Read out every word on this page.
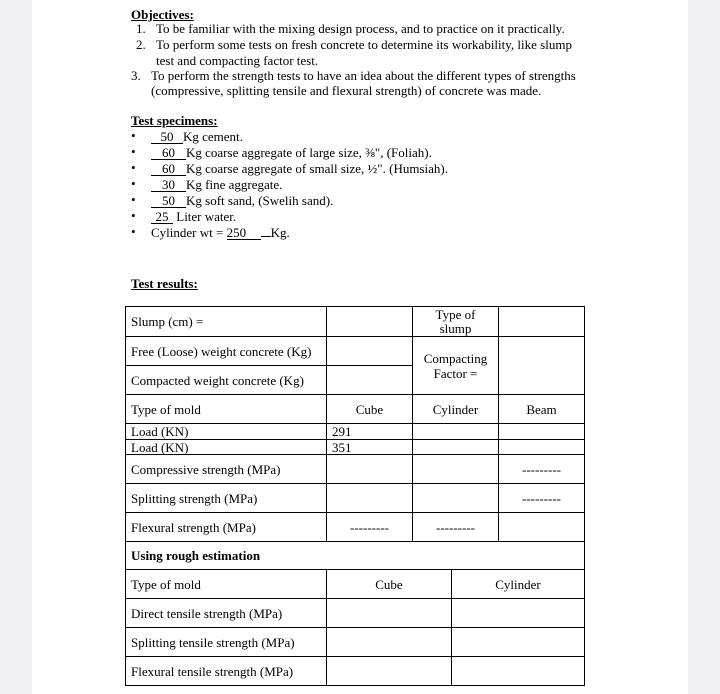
Objectives:
1. To be familiar with the mixing design process, and to practice on it practically.
2. To perform some tests on fresh concrete to determine its workability, like slump
test and compacting factor test.
3. To perform the strength tests to have an idea about the different types of strengths
(compressive, splitting tensile and flexural strength) of concrete was made.
Test specimens:
•	50 Kg cement.
•	60 Kg coarse aggregate of large size, ⅜", (Foliah).
•	60 Kg coarse aggregate of small size, ½". (Humsiah).
•	30 Kg fine aggregate.
•	50 Kg soft sand, (Swelih sand).
•	25 Liter water.
• Cylinder wt = 250 Kg.
Test results:
Slump (cm) =		Type of
slump	

Free (Loose) weight concrete (Kg)		Compacting
Factor =	

Compacted weight concrete (Kg)			
Type of mold	Cube	Cylinder	Beam
Load (KN)	291		
Load (KN)	351		
Compressive strength (MPa)			---------
Splitting strength (MPa)			---------
Flexural strength (MPa)	---------	---------	
Using rough estimation		
Type of mold	Cube	Cylinder
Direct tensile strength (MPa)		
Splitting tensile strength (MPa)		
Flexural tensile strength (MPa)		
